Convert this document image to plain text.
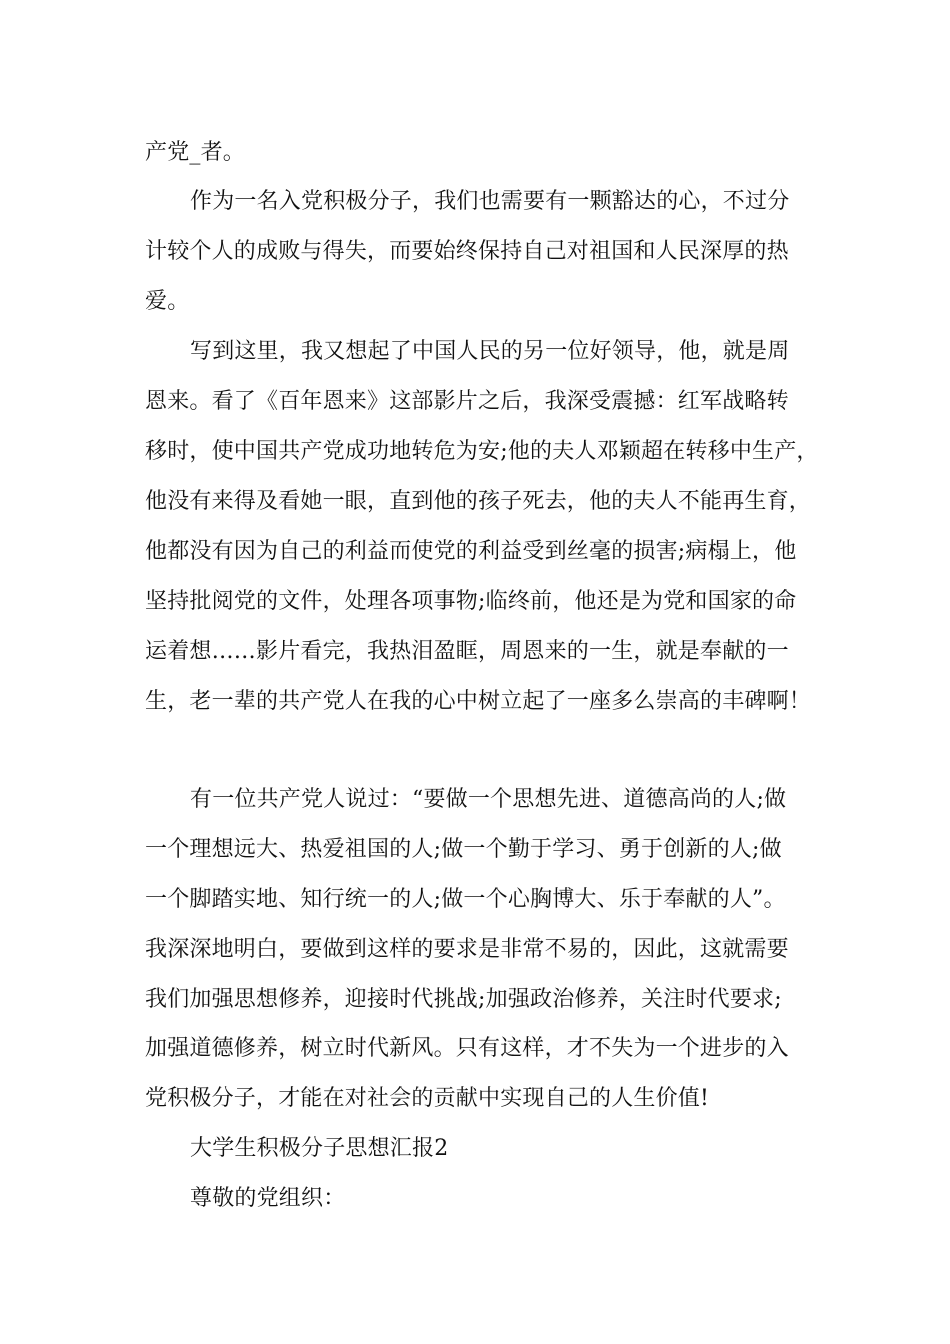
产党_者。
作为一名入党积极分子，我们也需要有一颗豁达的心，不过分
计较个人的成败与得失，而要始终保持自己对祖国和人民深厚的热
爱。
写到这里，我又想起了中国人民的另一位好领导，他，就是周
恩来。看了《百年恩来》这部影片之后，我深受震撼：红军战略转
移时，使中国共产党成功地转危为安;他的夫人邓颖超在转移中生产，
他没有来得及看她一眼，直到他的孩子死去，他的夫人不能再生育，
他都没有因为自己的利益而使党的利益受到丝毫的损害;病榻上，他
坚持批阅党的文件，处理各项事物;临终前，他还是为党和国家的命
运着想……影片看完，我热泪盈眶，周恩来的一生，就是奉献的一
生，老一辈的共产党人在我的心中树立起了一座多么崇高的丰碑啊！
有一位共产党人说过：“要做一个思想先进、道德高尚的人;做
一个理想远大、热爱祖国的人;做一个勤于学习、勇于创新的人;做
一个脚踏实地、知行统一的人;做一个心胸博大、乐于奉献的人”。
我深深地明白，要做到这样的要求是非常不易的，因此，这就需要
我们加强思想修养，迎接时代挑战;加强政治修养，关注时代要求;
加强道德修养，树立时代新风。只有这样，才不失为一个进步的入
党积极分子，才能在对社会的贡献中实现自己的人生价值!
大学生积极分子思想汇报2
尊敬的党组织：
